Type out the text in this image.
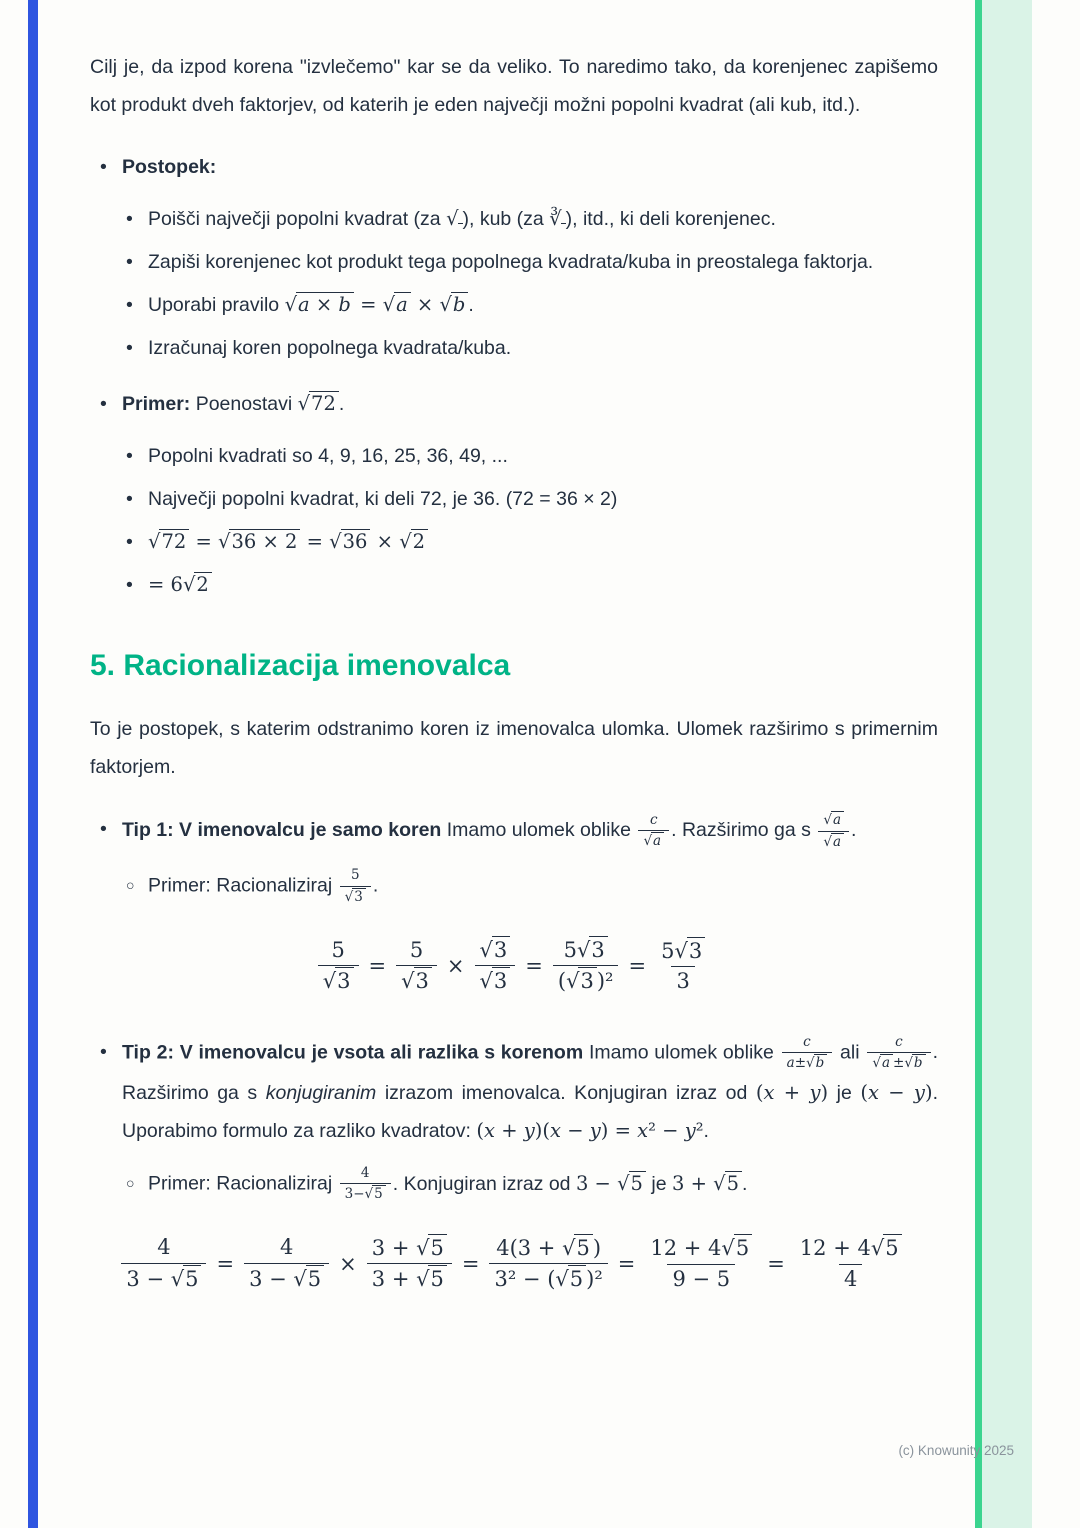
Cilj je, da izpod korena "izvlečemo" kar se da veliko. To naredimo tako, da korenjenec zapišemo kot produkt dveh faktorjev, od katerih je eden največji možni popolni kvadrat (ali kub, itd.).

•
Postopek:
•
Poišči največji popolni kvadrat (za √ ), kub (za ∛ ), itd., ki deli korenjenec.
•
Zapiši korenjenec kot produkt tega popolnega kvadrata/kuba in preostalega faktorja.
•
Uporabi pravilo √a × b = √a × √b .
•
Izračunaj koren popolnega kvadrata/kuba.
•
Primer: Poenostavi √72 .
•
Popolni kvadrati so 4, 9, 16, 25, 36, 49, ...
•
Največji popolni kvadrat, ki deli 72, je 36. (72 = 36 × 2)
•
√72 = √36 × 2 = √36 × √2
•
= 6√2
5. Racionalizacija imenovalca

To je postopek, s katerim odstranimo koren iz imenovalca ulomka. Ulomek razširimo s primernim faktorjem.

•
Tip 1: V imenovalcu je samo koren Imamo ulomek oblike $\frac{c}{√a}$ . Razširimo ga s $\frac{√a}{√a}$ .
○
Primer: Racionaliziraj $\frac{5}{√3}$ .
$\frac{5}{√3} = \frac{5}{√3} \times \frac{√3}{√3} = \frac{5√3}{\text{(√3 )²}} = \frac{5√3}{3}$
•
Tip 2: V imenovalcu je vsota ali razlika s korenom Imamo ulomek oblike $\frac{c}{a\pm√b}$ ali $\frac{c}{√a \pm√b}$ . Razširimo ga s konjugiranim izrazom imenovalca. Konjugiran izraz od (x + y) je (x − y). Uporabimo formulo za razliko kvadratov: (x + y)(x − y) = x² − y².
○
Primer: Racionaliziraj $\frac{4}{3-√5}$ . Konjugiran izraz od 3 − √5 je 3 + √5 .
$\frac{4}{3 - √5} = \frac{4}{3 - √5} \times \frac{3 + √5}{3 + √5} = \frac{4(3 + √5 )}{\text{3² − (√5 )²}} = \frac{12 + 4√5}{9 - 5} = \frac{12 + 4√5}{4}$
(c) Knowunity 2025
